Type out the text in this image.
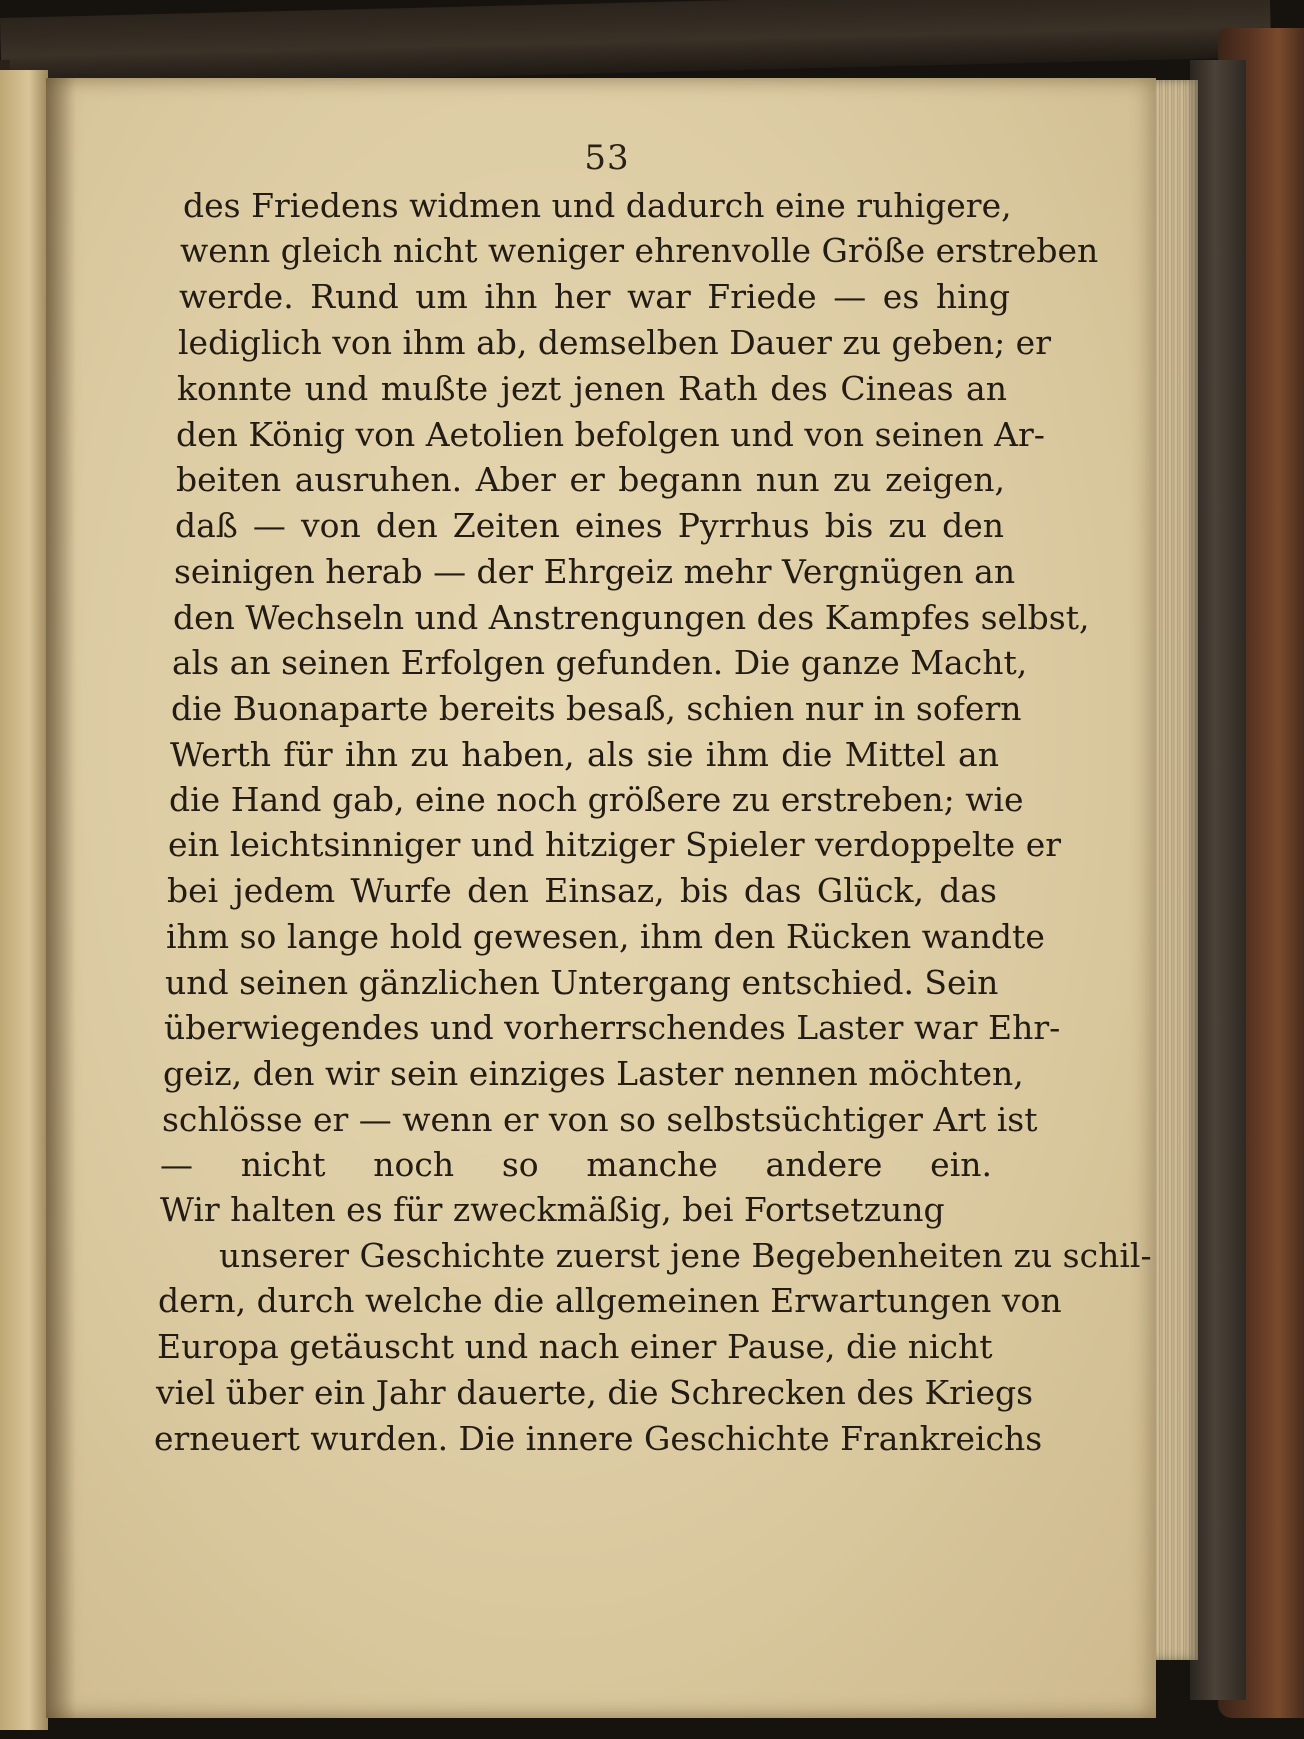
53
des Friedens widmen und dadurch eine ruhigere,
wenn gleich nicht weniger ehrenvolle Größe erstreben
werde. Rund um ihn her war Friede — es hing
lediglich von ihm ab, demselben Dauer zu geben; er
konnte und mußte jezt jenen Rath des Cineas an
den König von Aetolien befolgen und von seinen Ar-
beiten ausruhen. Aber er begann nun zu zeigen,
daß — von den Zeiten eines Pyrrhus bis zu den
seinigen herab — der Ehrgeiz mehr Vergnügen an
den Wechseln und Anstrengungen des Kampfes selbst,
als an seinen Erfolgen gefunden. Die ganze Macht,
die Buonaparte bereits besaß, schien nur in sofern
Werth für ihn zu haben, als sie ihm die Mittel an
die Hand gab, eine noch größere zu erstreben; wie
ein leichtsinniger und hitziger Spieler verdoppelte er
bei jedem Wurfe den Einsaz, bis das Glück, das
ihm so lange hold gewesen, ihm den Rücken wandte
und seinen gänzlichen Untergang entschied. Sein
überwiegendes und vorherrschendes Laster war Ehr-
geiz, den wir sein einziges Laster nennen möchten,
schlösse er — wenn er von so selbstsüchtiger Art ist
— nicht noch so manche andere ein.
Wir halten es für zweckmäßig, bei Fortsetzung
unserer Geschichte zuerst jene Begebenheiten zu schil-
dern, durch welche die allgemeinen Erwartungen von
Europa getäuscht und nach einer Pause, die nicht
viel über ein Jahr dauerte, die Schrecken des Kriegs
erneuert wurden. Die innere Geschichte Frankreichs
